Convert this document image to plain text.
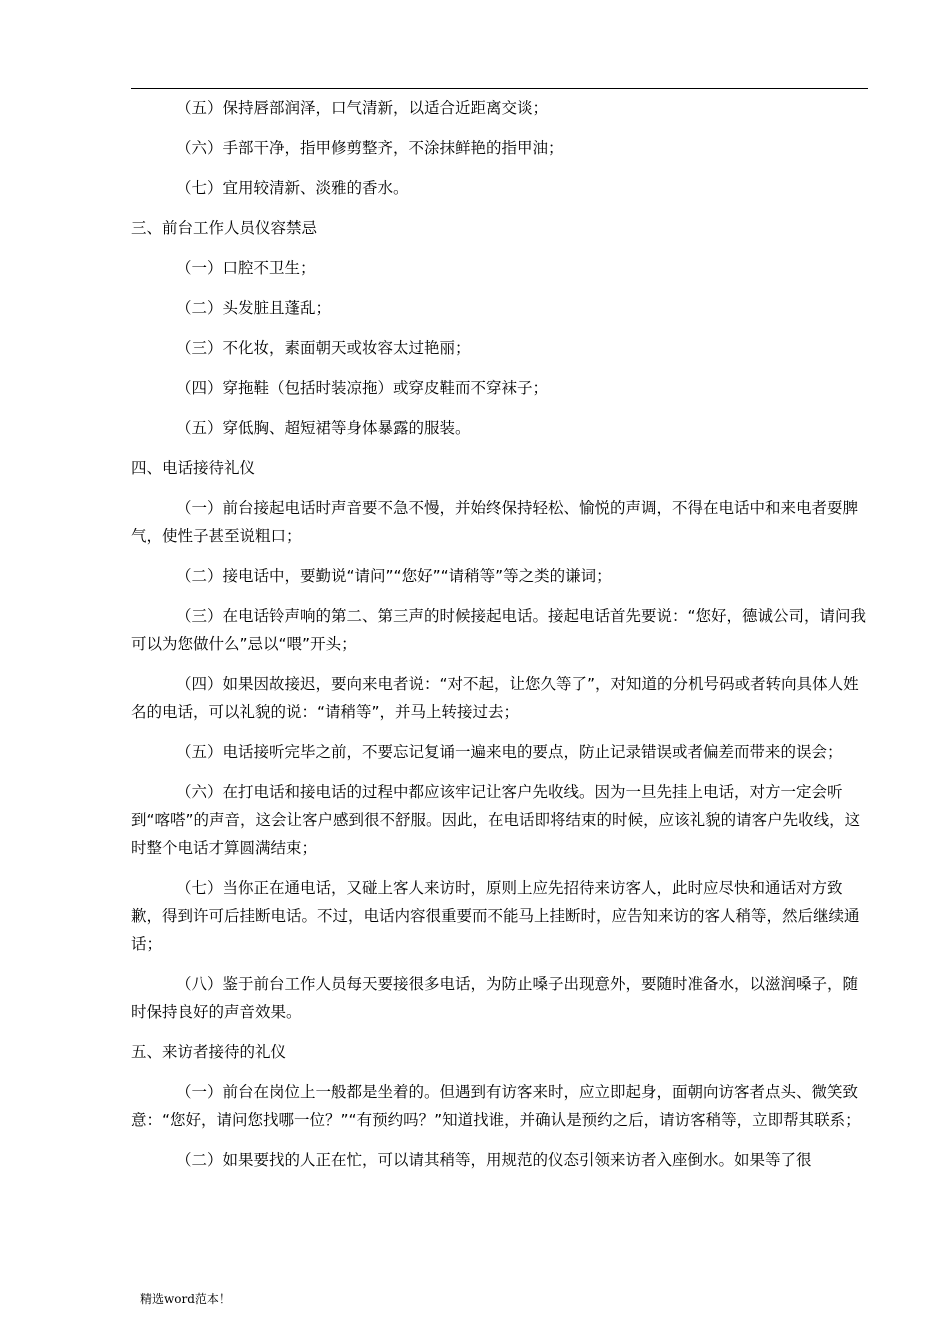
（五）保持唇部润泽，口气清新，以适合近距离交谈；

（六）手部干净，指甲修剪整齐，不涂抹鲜艳的指甲油；

（七）宜用较清新、淡雅的香水。

三、前台工作人员仪容禁忌

（一）口腔不卫生；

（二）头发脏且蓬乱；

（三）不化妆，素面朝天或妆容太过艳丽；

（四）穿拖鞋（包括时装凉拖）或穿皮鞋而不穿袜子；

（五）穿低胸、超短裙等身体暴露的服装。

四、电话接待礼仪

（一）前台接起电话时声音要不急不慢，并始终保持轻松、愉悦的声调，不得在电话中和来电者耍脾气，使性子甚至说粗口；

（二）接电话中，要勤说“请问”“您好”“请稍等”等之类的谦词；

（三）在电话铃声响的第二、第三声的时候接起电话。接起电话首先要说：“您好，德诚公司，请问我可以为您做什么”忌以“喂”开头；

（四）如果因故接迟，要向来电者说：“对不起，让您久等了”，对知道的分机号码或者转向具体人姓名的电话，可以礼貌的说：“请稍等”，并马上转接过去；

（五）电话接听完毕之前，不要忘记复诵一遍来电的要点，防止记录错误或者偏差而带来的误会；

（六）在打电话和接电话的过程中都应该牢记让客户先收线。因为一旦先挂上电话，对方一定会听到“喀嗒”的声音，这会让客户感到很不舒服。因此，在电话即将结束的时候，应该礼貌的请客户先收线，这时整个电话才算圆满结束；

（七）当你正在通电话，又碰上客人来访时，原则上应先招待来访客人，此时应尽快和通话对方致歉，得到许可后挂断电话。不过，电话内容很重要而不能马上挂断时，应告知来访的客人稍等，然后继续通话；

（八）鉴于前台工作人员每天要接很多电话，为防止嗓子出现意外，要随时准备水，以滋润嗓子，随时保持良好的声音效果。

五、来访者接待的礼仪

（一）前台在岗位上一般都是坐着的。但遇到有访客来时，应立即起身，面朝向访客者点头、微笑致意：“您好，请问您找哪一位？”“有预约吗？”知道找谁，并确认是预约之后，请访客稍等，立即帮其联系；

（二）如果要找的人正在忙，可以请其稍等，用规范的仪态引领来访者入座倒水。如果等了很

精选word范本！
